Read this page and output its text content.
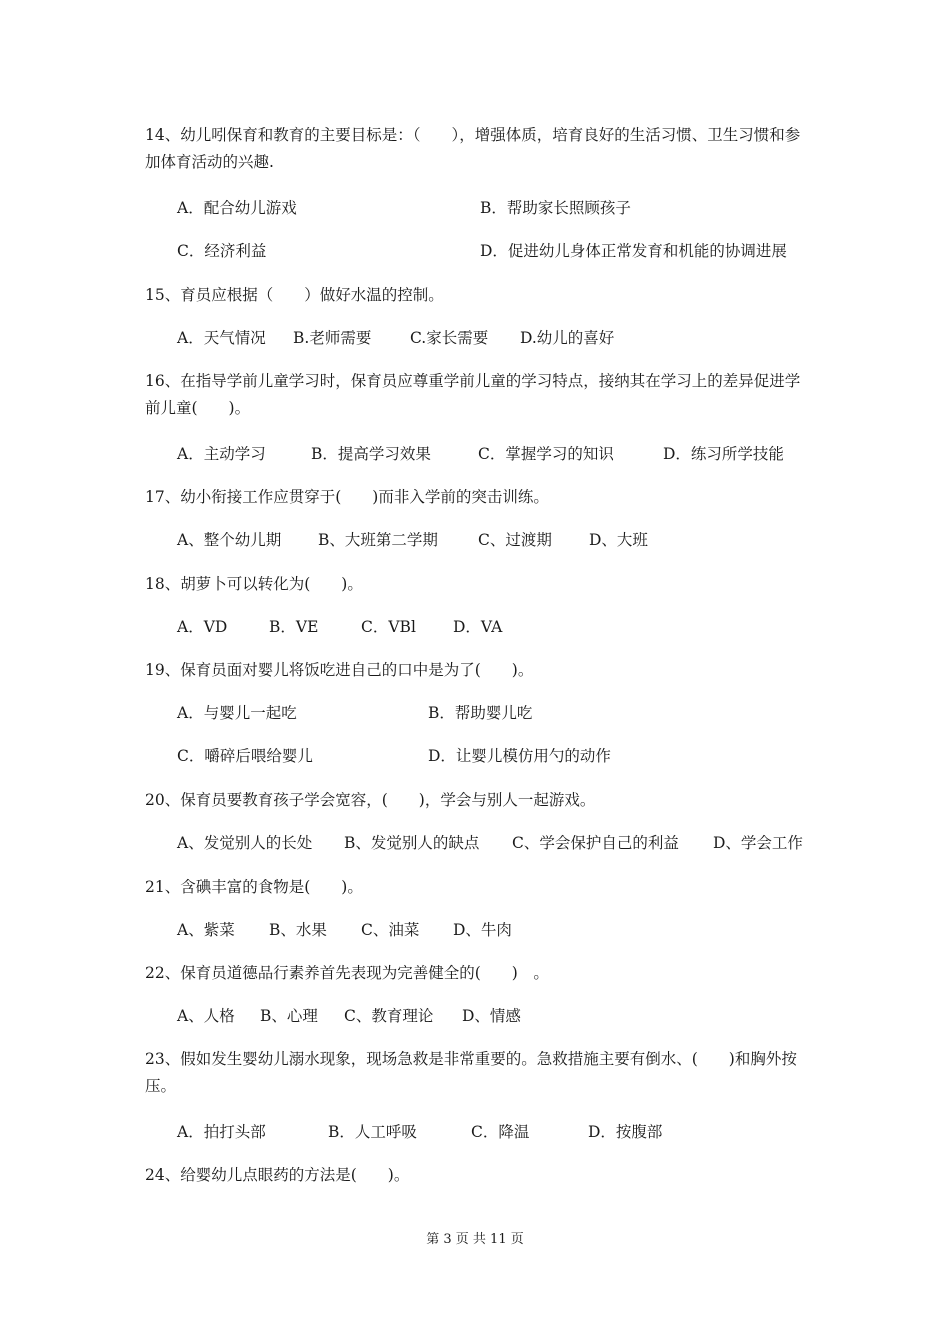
14、幼儿吲保育和教育的主要目标是：（　　），增强体质，培育良好的生活习惯、卫生习惯和参加体育活动的兴趣.
A．配合幼儿游戏	B．帮助家长照顾孩子
C．经济利益	D．促进幼儿身体正常发育和机能的协调进展
15、育员应根据（　　）做好水温的控制。
A．天气情况 B.老师需要 C.家长需要 D.幼儿的喜好
16、在指导学前儿童学习时，保育员应尊重学前儿童的学习特点，接纳其在学习上的差异促进学前儿童(　　)。
A．主动学习	B．提高学习效果	C．掌握学习的知识	D．练习所学技能
17、幼小衔接工作应贯穿于(　　)而非入学前的突击训练。
A、整个幼儿期 B、大班第二学期	C、过渡期 D、大班
18、胡萝卜可以转化为(　　)。
A．VD	B．VE	C．VBl D．VA
19、保育员面对婴儿将饭吃进自己的口中是为了(　　)。
A．与婴儿一起吃	B．帮助婴儿吃
C．嚼碎后喂给婴儿	D．让婴儿模仿用勺的动作
20、保育员要教育孩子学会宽容，(　　)，学会与别人一起游戏。
A、发觉别人的长处 B、发觉别人的缺点 C、学会保护自己的利益 D、学会工作
21、含碘丰富的食物是(　　)。
A、紫菜 B、水果 C、油菜 D、牛肉
22、保育员道德品行素养首先表现为完善健全的(　　)　。
A、人格 B、心理 C、教育理论 D、情感
23、假如发生婴幼儿溺水现象，现场急救是非常重要的。急救措施主要有倒水、(　　)和胸外按压。
A．拍打头部	B．人工呼吸	C．降温	D．按腹部
24、给婴幼儿点眼药的方法是(　　)。
第 3 页 共 11 页
